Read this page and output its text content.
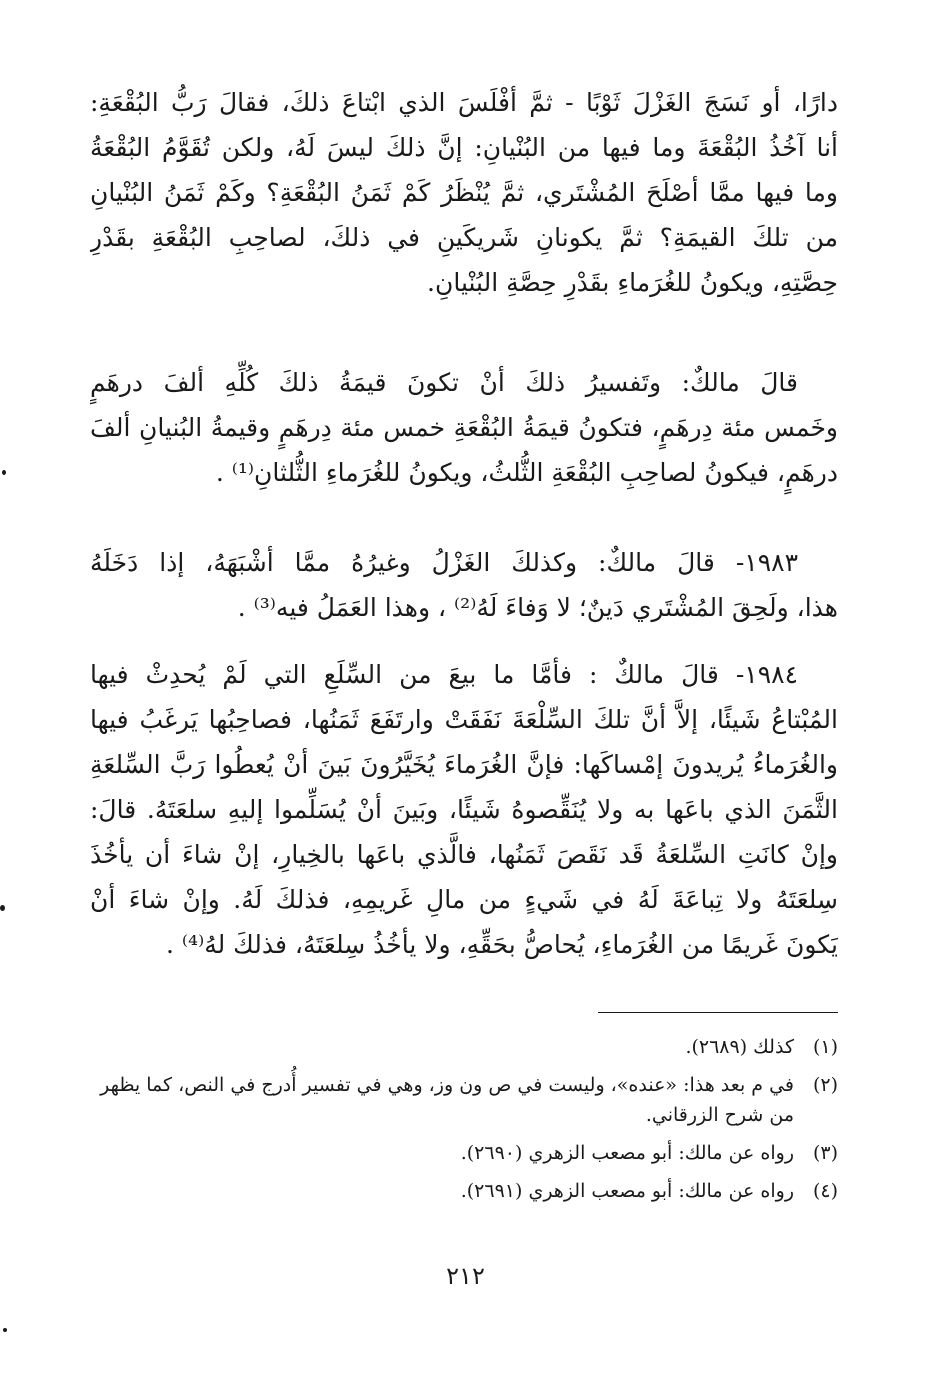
دارًا، أو نَسَجَ الغَزْلَ ثَوْبًا - ثمَّ أفْلَسَ الذي ابْتاعَ ذلكَ، فقالَ رَبُّ البُقْعَةِ:

أنا آخُذُ البُقْعَةَ وما فيها من البُنْيانِ: إنَّ ذلكَ ليسَ لَهُ، ولكن تُقَوَّمُ البُقْعَةُ

وما فيها ممَّا أصْلَحَ المُشْتَري، ثمَّ يُنْظَرُ كَمْ ثَمَنُ البُقْعَةِ؟ وكَمْ ثَمَنُ البُنْيانِ

من تلكَ القيمَةِ؟ ثمَّ يكونانِ شَريكَينِ في ذلكَ، لصاحِبِ البُقْعَةِ بقَدْرِ

حِصَّتِهِ، ويكونُ للغُرَماءِ بقَدْرِ حِصَّةِ البُنْيانِ.

قالَ مالكٌ: وتَفسيرُ ذلكَ أنْ تكونَ قيمَةُ ذلكَ كُلِّهِ ألفَ درهَمٍ

وخَمس مئة دِرهَمٍ، فتكونُ قيمَةُ البُقْعَةِ خمس مئة دِرهَمٍ وقيمةُ البُنيانِ ألفَ

درهَمٍ، فيكونُ لصاحِبِ البُقْعَةِ الثُّلثُ، ويكونُ للغُرَماءِ الثُّلثانِ⁽¹⁾ .

١٩٨٣- قالَ مالكٌ: وكذلكَ الغَزْلُ وغيرُهُ ممَّا أشْبَهَهُ، إذا دَخَلَهُ

هذا، ولَحِقَ المُشْتَري دَينٌ؛ لا وَفاءَ لَهُ⁽²⁾ ، وهذا العَمَلُ فيه⁽³⁾ .

١٩٨٤- قالَ مالكٌ : فأمَّا ما بيعَ من السِّلَعِ التي لَمْ يُحدِثْ فيها

المُبْتاعُ شَيئًا، إلاَّ أنَّ تلكَ السِّلْعَةَ نَفَقَتْ وارتَفَعَ ثَمَنُها، فصاحِبُها يَرغَبُ فيها

والغُرَماءُ يُريدونَ إمْساكَها: فإنَّ الغُرَماءَ يُخَيَّرُونَ بَينَ أنْ يُعطُوا رَبَّ السِّلعَةِ

الثَّمَنَ الذي باعَها به ولا يُنَقِّصوهُ شَيئًا، وبَينَ أنْ يُسَلِّموا إليهِ سلعَتَهُ. قالَ:

وإنْ كانَتِ السِّلعَةُ قَد نَقَصَ ثَمَنُها، فالَّذي باعَها بالخِيارِ، إنْ شاءَ أن يأخُذَ

سِلعَتَهُ ولا تِباعَةَ لَهُ في شَيءٍ من مالِ غَريمِهِ، فذلكَ لَهُ. وإنْ شاءَ أنْ

يَكونَ غَريمًا من الغُرَماءِ، يُحاصُّ بحَقِّهِ، ولا يأخُذُ سِلعَتَهُ، فذلكَ لهُ⁽⁴⁾ .

(١)
كذلك (٢٦٨٩).
(٢)
في م بعد هذا: «عنده»، وليست في ص ون وز، وهي في تفسير أُدرج في النص، كما يظهر من شرح الزرقاني.
(٣)
رواه عن مالك: أبو مصعب الزهري (٢٦٩٠).
(٤)
رواه عن مالك: أبو مصعب الزهري (٢٦٩١).
٢١٢
